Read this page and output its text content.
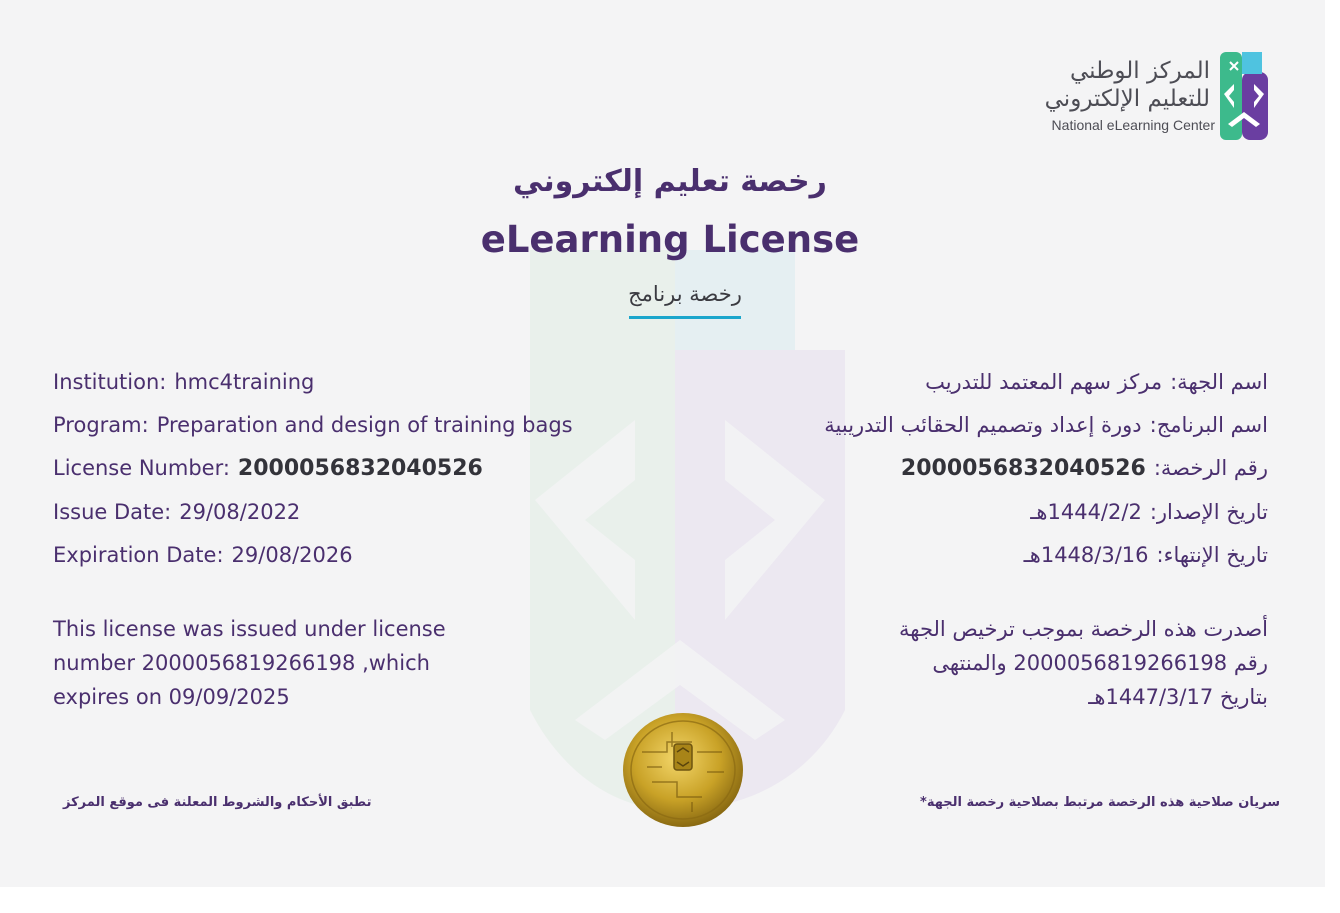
المركز الوطني
للتعليم الإلكتروني
National eLearning Center
رخصة تعليم إلكتروني
eLearning License
رخصة برنامج
Institution: hmc4training
Program: Preparation and design of training bags
License Number: 2000056832040526
Issue Date: 29/08/2022
Expiration Date: 29/08/2026
اسم الجهة:مركز سهم المعتمد للتدريب
اسم البرنامج:دورة إعداد وتصميم الحقائب التدريبية
رقم الرخصة:2000056832040526
تاريخ الإصدار:1444/2/2هـ
تاريخ الإنتهاء:1448/3/16هـ
This license was issued under license
number 2000056819266198 ,which
expires on 09/09/2025
أصدرت هذه الرخصة بموجب ترخيص الجهة
رقم 2000056819266198 والمنتهى
بتاريخ 1447/3/17هـ
تطبق الأحكام والشروط المعلنة فى موقع المركز	سريان صلاحية هذه الرخصة مرتبط بصلاحية رخصة الجهة*
